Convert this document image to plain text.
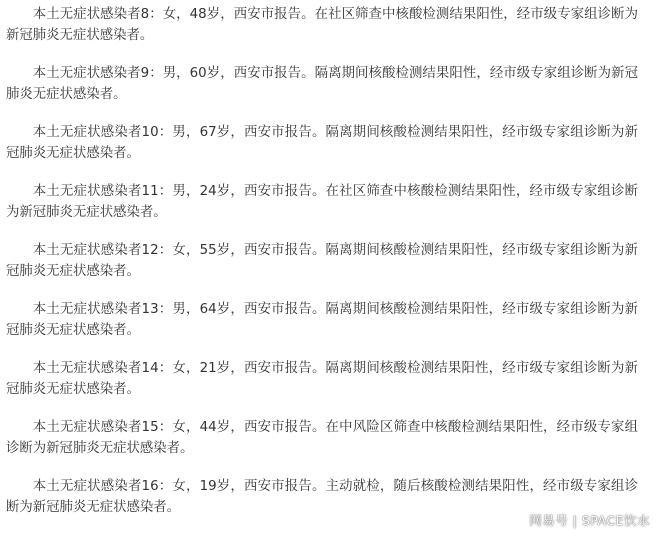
本土无症状感染者8：女，48岁，西安市报告。在社区筛查中核酸检测结果阳性，经市级专家组诊断为新冠肺炎无症状感染者。

本土无症状感染者9：男，60岁，西安市报告。隔离期间核酸检测结果阳性，经市级专家组诊断为新冠肺炎无症状感染者。

本土无症状感染者10：男，67岁，西安市报告。隔离期间核酸检测结果阳性，经市级专家组诊断为新冠肺炎无症状感染者。

本土无症状感染者11：男，24岁，西安市报告。在社区筛查中核酸检测结果阳性，经市级专家组诊断为新冠肺炎无症状感染者。

本土无症状感染者12：女，55岁，西安市报告。隔离期间核酸检测结果阳性，经市级专家组诊断为新冠肺炎无症状感染者。

本土无症状感染者13：男，64岁，西安市报告。隔离期间核酸检测结果阳性，经市级专家组诊断为新冠肺炎无症状感染者。

本土无症状感染者14：女，21岁，西安市报告。隔离期间核酸检测结果阳性，经市级专家组诊断为新冠肺炎无症状感染者。

本土无症状感染者15：女，44岁，西安市报告。在中风险区筛查中核酸检测结果阳性，经市级专家组诊断为新冠肺炎无症状感染者。

本土无症状感染者16：女，19岁，西安市报告。主动就检，随后核酸检测结果阳性，经市级专家组诊断为新冠肺炎无症状感染者。

网易号 | SPACE饮水
